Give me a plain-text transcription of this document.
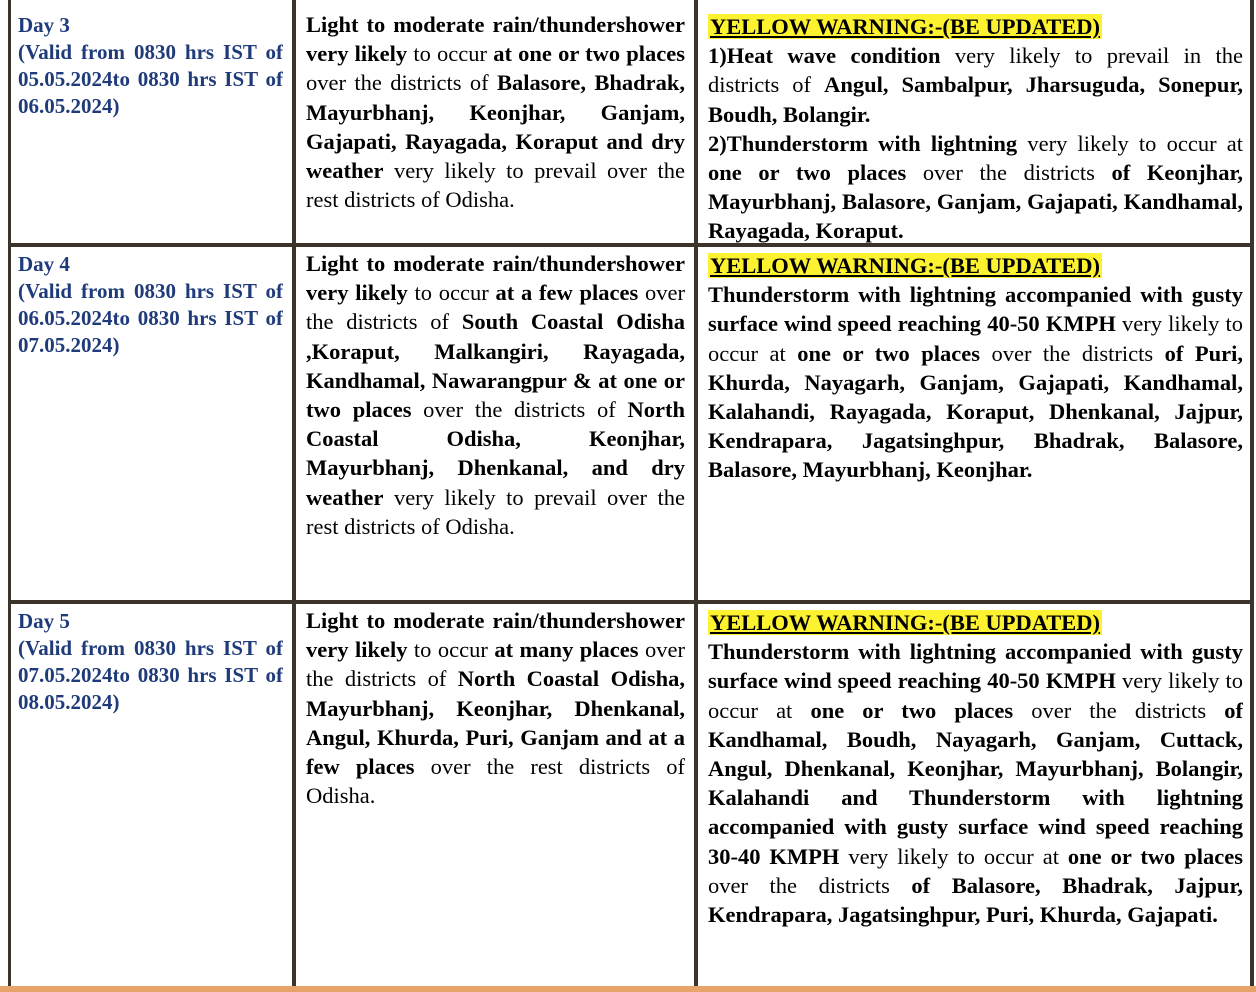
Day 3
(Valid from 0830 hrs IST of 05.05.2024to 0830 hrs IST of 06.05.2024)

Light to moderate rain/thundershower very likely to occur at one or two places over the districts of Balasore, Bhadrak, Mayurbhanj, Keonjhar, Ganjam, Gajapati, Rayagada, Koraput and dry weather very likely to prevail over the rest districts of Odisha.

YELLOW WARNING:-(BE UPDATED)

1)Heat wave condition very likely to prevail in the districts of Angul, Sambalpur, Jharsuguda, Sonepur, Boudh, Bolangir.

2)Thunderstorm with lightning very likely to occur at one or two places over the districts of Keonjhar, Mayurbhanj, Balasore, Ganjam, Gajapati, Kandhamal, Rayagada, Koraput.

Day 4
(Valid from 0830 hrs IST of 06.05.2024to 0830 hrs IST of 07.05.2024)

Light to moderate rain/thundershower very likely to occur at a few places over the districts of South Coastal Odisha ,Koraput, Malkangiri, Rayagada, Kandhamal, Nawarangpur & at one or two places over the districts of North Coastal Odisha, Keonjhar, Mayurbhanj, Dhenkanal, and dry weather very likely to prevail over the rest districts of Odisha.

YELLOW WARNING:-(BE UPDATED)

Thunderstorm with lightning accompanied with gusty surface wind speed reaching 40-50 KMPH very likely to occur at one or two places over the districts of Puri, Khurda, Nayagarh, Ganjam, Gajapati, Kandhamal, Kalahandi, Rayagada, Koraput, Dhenkanal, Jajpur, Kendrapara, Jagatsinghpur, Bhadrak, Balasore, Balasore, Mayurbhanj, Keonjhar.

Day 5
(Valid from 0830 hrs IST of 07.05.2024to 0830 hrs IST of 08.05.2024)

Light to moderate rain/thundershower very likely to occur at many places over the districts of North Coastal Odisha, Mayurbhanj, Keonjhar, Dhenkanal, Angul, Khurda, Puri, Ganjam and at a few places over the rest districts of Odisha.

YELLOW WARNING:-(BE UPDATED)

Thunderstorm with lightning accompanied with gusty surface wind speed reaching 40-50 KMPH very likely to occur at one or two places over the districts of Kandhamal, Boudh, Nayagarh, Ganjam, Cuttack, Angul, Dhenkanal, Keonjhar, Mayurbhanj, Bolangir, Kalahandi and Thunderstorm with lightning accompanied with gusty surface wind speed reaching 30-40 KMPH very likely to occur at one or two places over the districts of Balasore, Bhadrak, Jajpur, Kendrapara, Jagatsinghpur, Puri, Khurda, Gajapati.
